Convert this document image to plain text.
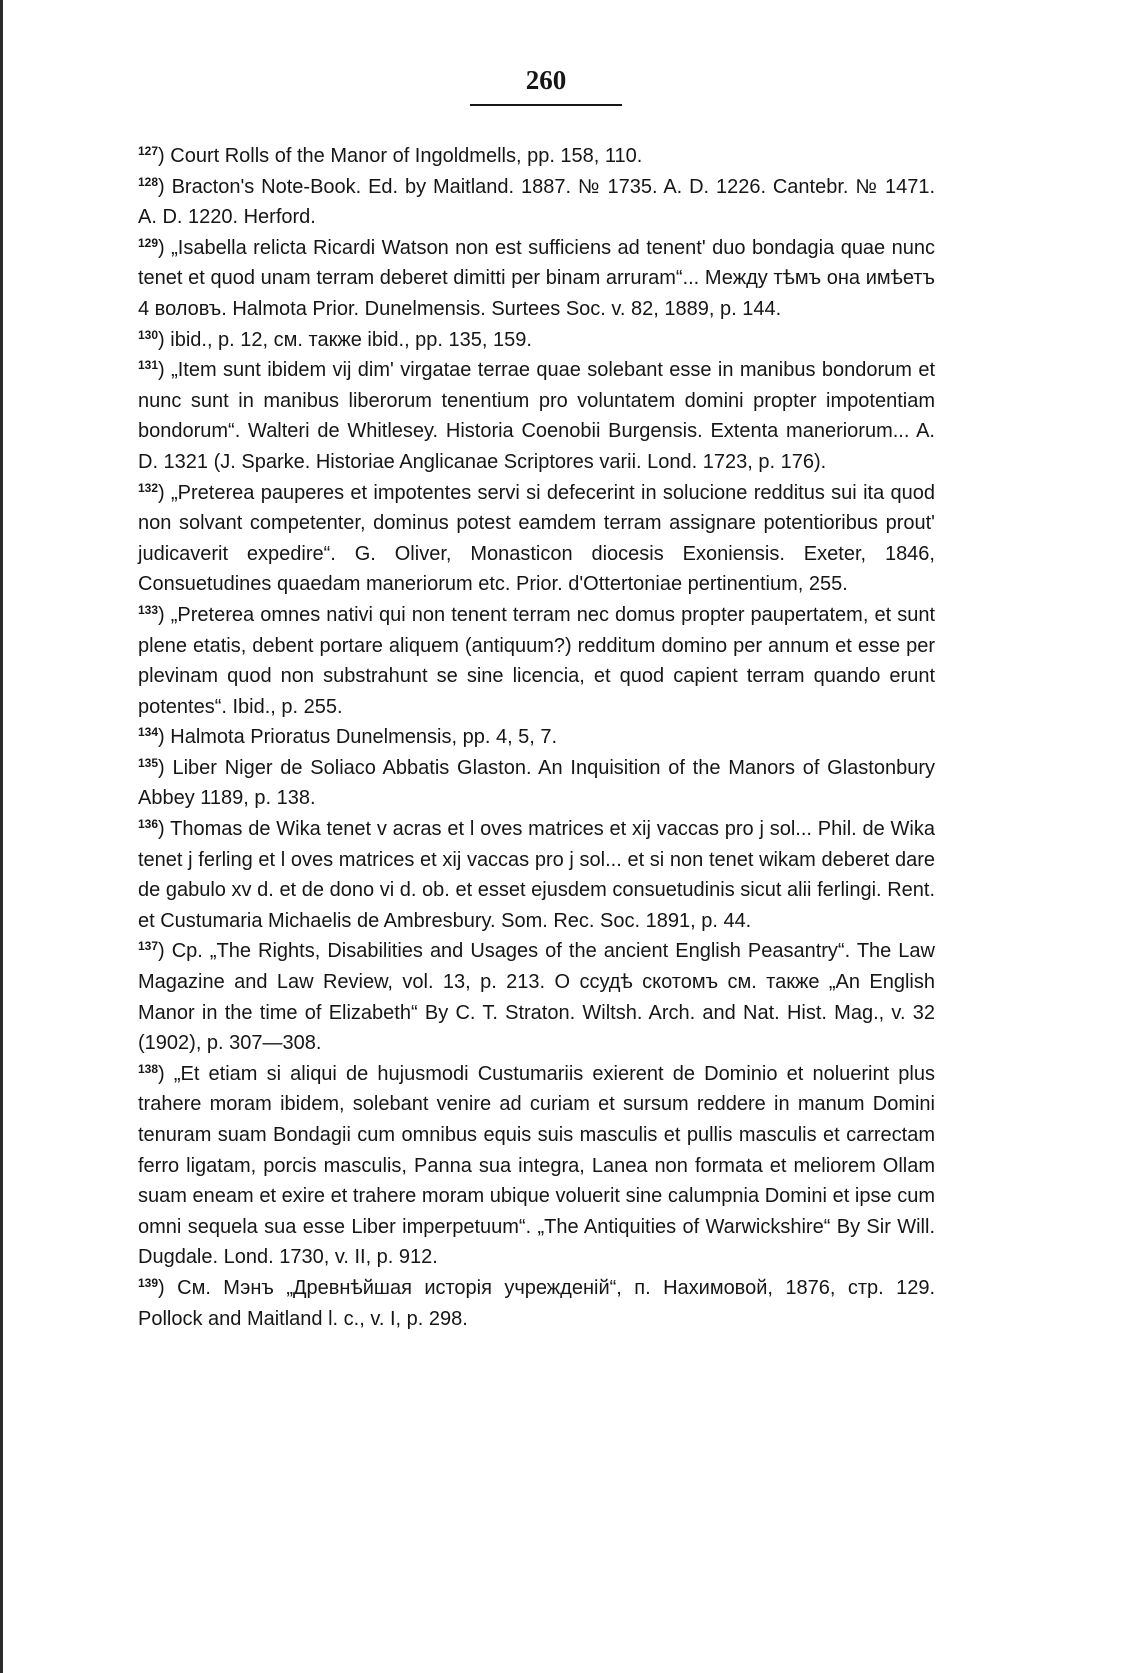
260

$^{127}$) Court Rolls of the Manor of Ingoldmells, pp. 158, 110.

$^{128}$) Bracton's Note-Book. Ed. by Maitland. 1887. № 1735. A. D. 1226. Cantebr. № 1471. A. D. 1220. Herford.

$^{129}$) „Isabella relicta Ricardi Watson non est sufficiens ad tenent' duo bondagia quae nunc tenet et quod unam terram deberet dimitti per binam arruram“... Между тѣмъ она имѣетъ 4 воловъ. Halmota Prior. Dunelmensis. Surtees Soc. v. 82, 1889, p. 144.

$^{130}$) ibid., p. 12, см. также ibid., pp. 135, 159.

$^{131}$) „Item sunt ibidem vij dim' virgatae terrae quae solebant esse in manibus bondorum et nunc sunt in manibus liberorum tenentium pro voluntatem domini propter impotentiam bondorum“. Walteri de Whitlesey. Historia Coenobii Burgensis. Extenta maneriorum... A. D. 1321 (J. Sparke. Historiae Anglicanae Scriptores varii. Lond. 1723, p. 176).

$^{132}$) „Preterea pauperes et impotentes servi si defecerint in solucione redditus sui ita quod non solvant competenter, dominus potest eamdem terram assignare potentioribus prout' judicaverit expedire“. G. Oliver, Monasticon diocesis Exoniensis. Exeter, 1846, Consuetudines quaedam maneriorum etc. Prior. d'Ottertoniae pertinentium, 255.

$^{133}$) „Preterea omnes nativi qui non tenent terram nec domus propter paupertatem, et sunt plene etatis, debent portare aliquem (antiquum?) redditum domino per annum et esse per plevinam quod non substrahunt se sine licencia, et quod capient terram quando erunt potentes“. Ibid., p. 255.

$^{134}$) Halmota Prioratus Dunelmensis, pp. 4, 5, 7.

$^{135}$) Liber Niger de Soliaco Abbatis Glaston. An Inquisition of the Manors of Glastonbury Abbey 1189, p. 138.

$^{136}$) Thomas de Wika tenet v acras et l oves matrices et xij vaccas pro j sol... Phil. de Wika tenet j ferling et l oves matrices et xij vaccas pro j sol... et si non tenet wikam deberet dare de gabulo xv d. et de dono vi d. ob. et esset ejusdem consuetudinis sicut alii ferlingi. Rent. et Custumaria Michaelis de Ambresbury. Som. Rec. Soc. 1891, p. 44.

$^{137}$) Cp. „The Rights, Disabilities and Usages of the ancient English Peasantry“. The Law Magazine and Law Review, vol. 13, p. 213. О ссудѣ скотомъ см. также „An English Manor in the time of Elizabeth“ By C. T. Straton. Wiltsh. Arch. and Nat. Hist. Mag., v. 32 (1902), p. 307—308.

$^{138}$) „Et etiam si aliqui de hujusmodi Custumariis exierent de Dominio et noluerint plus trahere moram ibidem, solebant venire ad curiam et sursum reddere in manum Domini tenuram suam Bondagii cum omnibus equis suis masculis et pullis masculis et carrectam ferro ligatam, porcis masculis, Panna sua integra, Lanea non formata et meliorem Ollam suam eneam et exire et trahere moram ubique voluerit sine calumpnia Domini et ipse cum omni sequela sua esse Liber imperpetuum“. „The Antiquities of Warwickshire“ By Sir Will. Dugdale. Lond. 1730, v. II, p. 912.

$^{139}$) См. Мэнъ „Древнѣйшая исторія учрежденій“, п. Нахимовой, 1876, стр. 129. Pollock and Maitland l. c., v. I, p. 298.
